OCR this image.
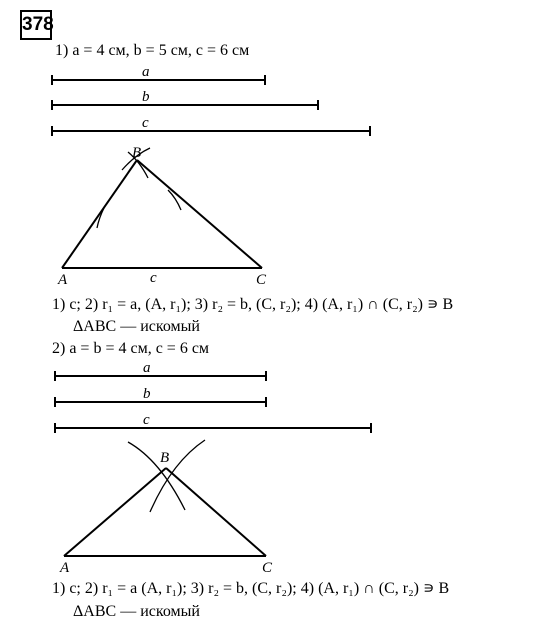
378
1) a = 4 см, b = 5 см, c = 6 см
a
b
c
A
B
C
c
a
b
c
A
B
C
1) c; 2) r₁ = a, (A, r₁); 3) r₂ = b, (C, r₂); 4) (A, r₁) ∩ (C, r₂) ∍ B
ΔABC — искомый
2) a = b = 4 см, c = 6 см
1) c; 2) r₁ = a (A, r₁); 3) r₂ = b, (C, r₂); 4) (A, r₁) ∩ (C, r₂) ∍ B
ΔABC — искомый
